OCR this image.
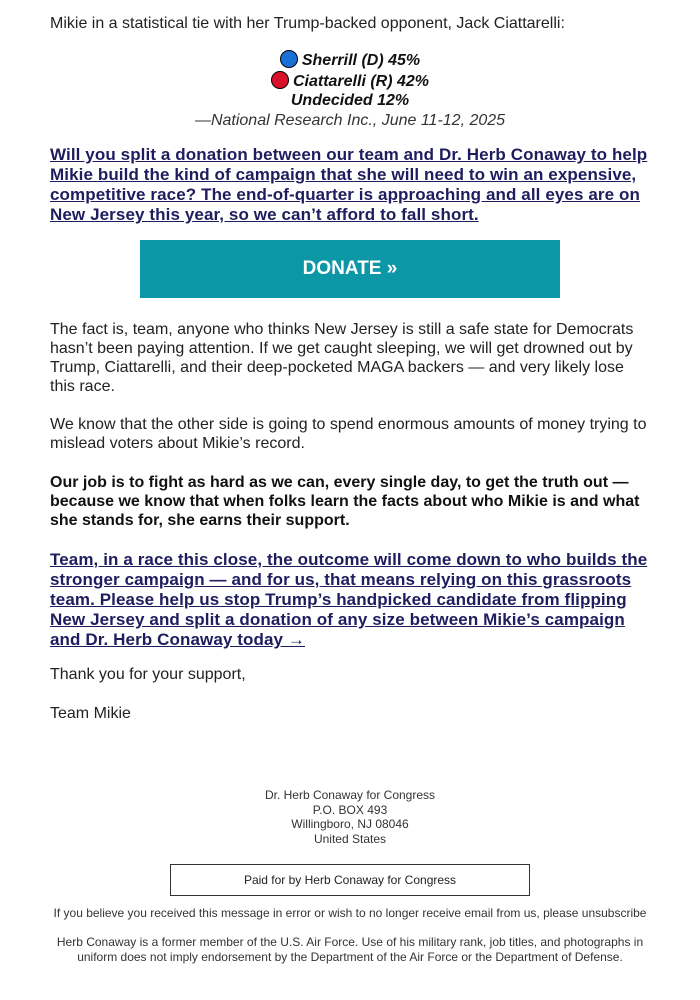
Mikie in a statistical tie with her Trump-backed opponent, Jack Ciattarelli:

Sherrill (D) 45%
Ciattarelli (R) 42%
Undecided 12%
—National Research Inc., June 11-12, 2025

Will you split a donation between our team and Dr. Herb Conaway to help Mikie build the kind of campaign that she will need to win an expensive, competitive race? The end-of-quarter is approaching and all eyes are on New Jersey this year, so we can’t afford to fall short.

DONATE »

The fact is, team, anyone who thinks New Jersey is still a safe state for Democrats hasn’t been paying attention. If we get caught sleeping, we will get drowned out by Trump, Ciattarelli, and their deep-pocketed MAGA backers — and very likely lose this race.

We know that the other side is going to spend enormous amounts of money trying to mislead voters about Mikie’s record.

Our job is to fight as hard as we can, every single day, to get the truth out — because we know that when folks learn the facts about who Mikie is and what she stands for, she earns their support.

Team, in a race this close, the outcome will come down to who builds the stronger campaign — and for us, that means relying on this grassroots team. Please help us stop Trump’s handpicked candidate from flipping New Jersey and split a donation of any size between Mikie’s campaign and Dr. Herb Conaway today →

Thank you for your support,

Team Mikie

Dr. Herb Conaway for Congress
P.O. BOX 493
Willingboro, NJ 08046
United States
Paid for by Herb Conaway for Congress
If you believe you received this message in error or wish to no longer receive email from us, please unsubscribe
Herb Conaway is a former member of the U.S. Air Force. Use of his military rank, job titles, and photographs in uniform does not imply endorsement by the Department of the Air Force or the Department of Defense.
